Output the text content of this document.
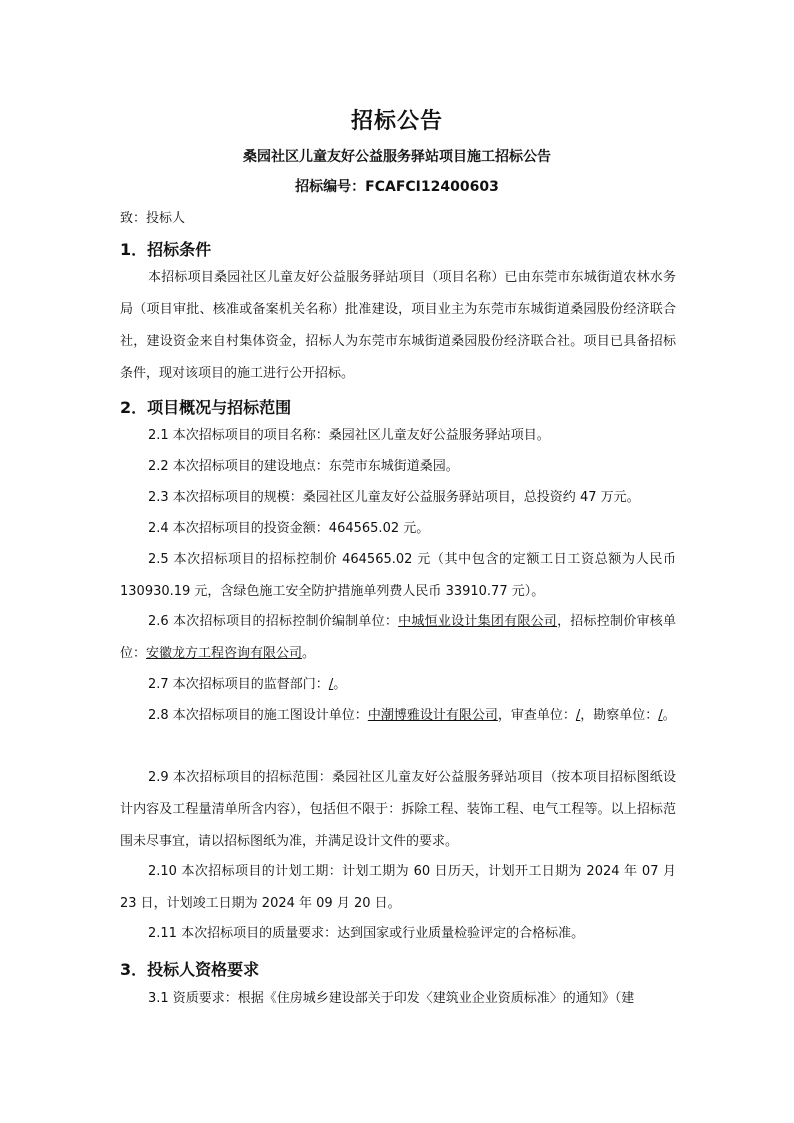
招标公告
桑园社区儿童友好公益服务驿站项目施工招标公告
招标编号：FCAFCI12400603
致：投标人
1．招标条件

本招标项目桑园社区儿童友好公益服务驿站项目（项目名称）已由东莞市东城街道农林水务局（项目审批、核准或备案机关名称）批准建设，项目业主为东莞市东城街道桑园股份经济联合社，建设资金来自村集体资金，招标人为东莞市东城街道桑园股份经济联合社。项目已具备招标条件，现对该项目的施工进行公开招标。

2．项目概况与招标范围

2.1 本次招标项目的项目名称：桑园社区儿童友好公益服务驿站项目。

2.2 本次招标项目的建设地点：东莞市东城街道桑园。

2.3 本次招标项目的规模：桑园社区儿童友好公益服务驿站项目，总投资约 47 万元。

2.4 本次招标项目的投资金额：464565.02 元。

2.5 本次招标项目的招标控制价 464565.02 元（其中包含的定额工日工资总额为人民币 130930.19 元，含绿色施工安全防护措施单列费人民币 33910.77 元）。

2.6 本次招标项目的招标控制价编制单位：中城恒业设计集团有限公司，招标控制价审核单位：安徽龙方工程咨询有限公司。

2.7 本次招标项目的监督部门：/。

2.8 本次招标项目的施工图设计单位：中潮博雅设计有限公司，审查单位：/，勘察单位：/。

2.9 本次招标项目的招标范围：桑园社区儿童友好公益服务驿站项目（按本项目招标图纸设计内容及工程量清单所含内容），包括但不限于：拆除工程、装饰工程、电气工程等。以上招标范围未尽事宜，请以招标图纸为准，并满足设计文件的要求。

2.10 本次招标项目的计划工期：计划工期为 60 日历天，计划开工日期为 2024 年 07 月 23 日，计划竣工日期为 2024 年 09 月 20 日。

2.11 本次招标项目的质量要求：达到国家或行业质量检验评定的合格标准。

3．投标人资格要求

3.1 资质要求：根据《住房城乡建设部关于印发〈建筑业企业资质标准〉的通知》（建
